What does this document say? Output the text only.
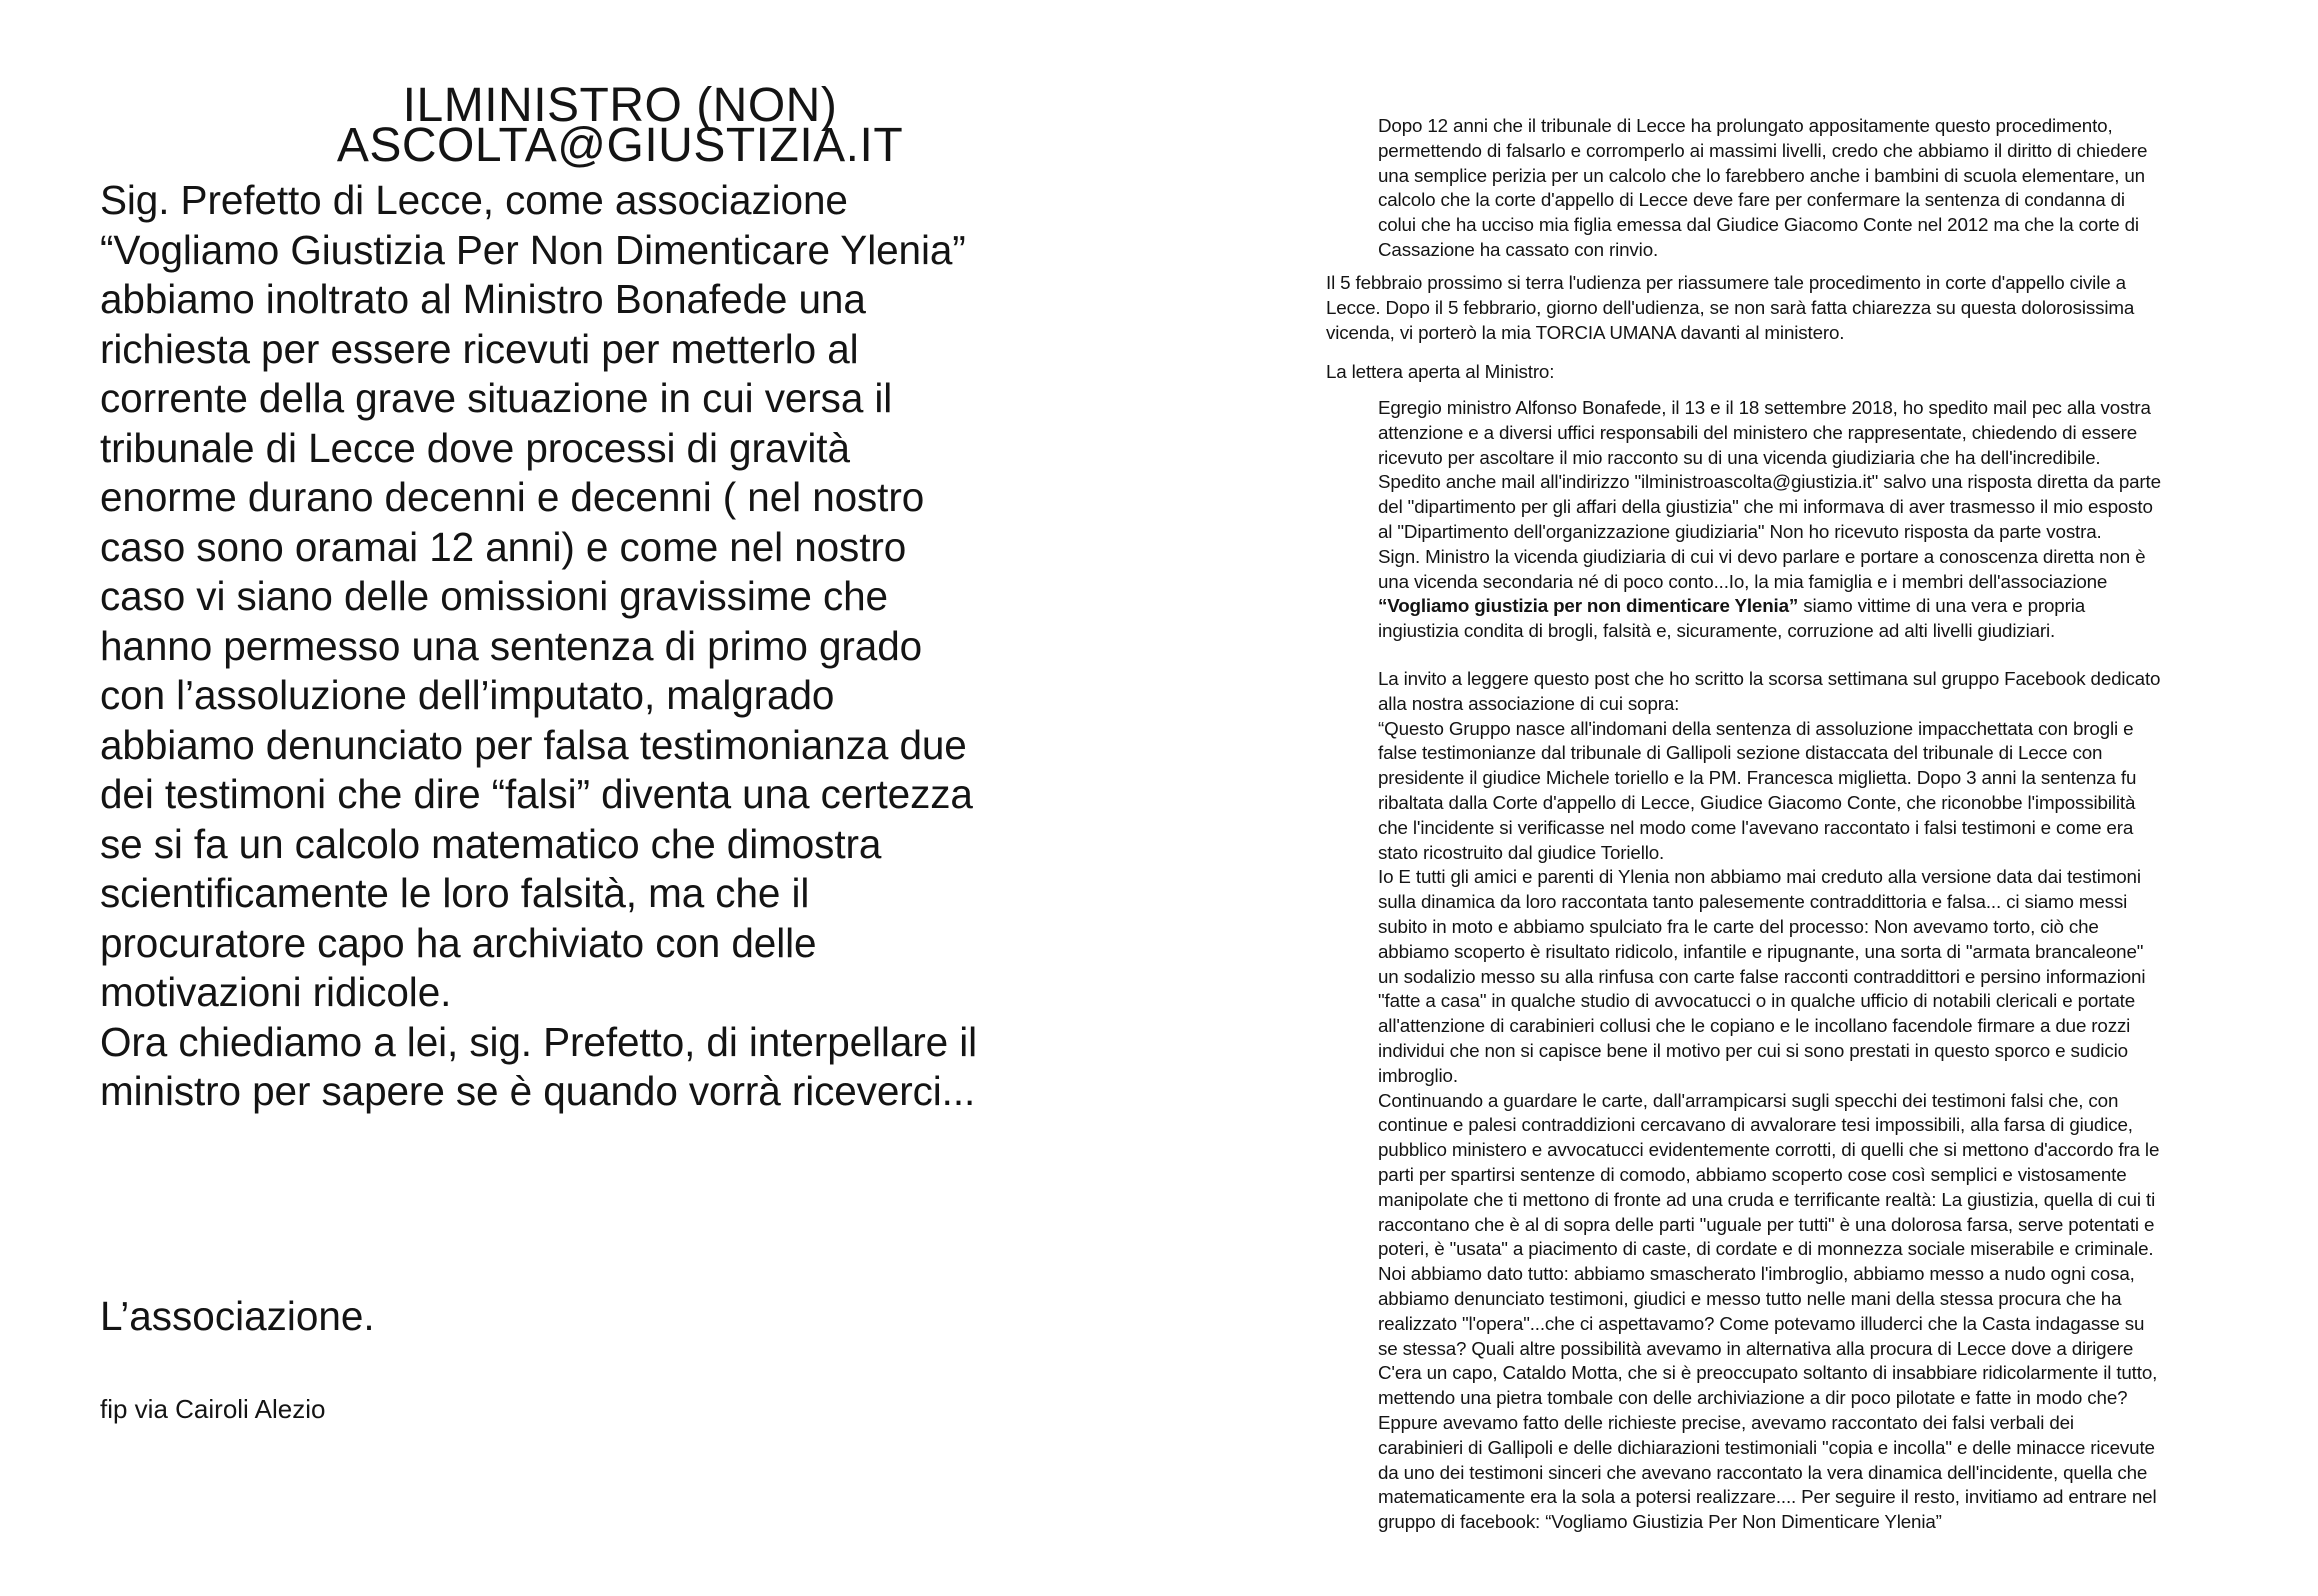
ILMINISTRO (NON)
ASCOLTA@GIUSTIZIA.IT
Sig. Prefetto di Lecce, come associazione
“Vogliamo Giustizia Per Non Dimenticare Ylenia”
abbiamo inoltrato al Ministro Bonafede una
richiesta per essere ricevuti per metterlo al
corrente della grave situazione in cui versa il
tribunale di Lecce dove processi di gravità
enorme durano decenni e decenni ( nel nostro
caso sono oramai 12 anni) e come nel nostro
caso vi siano delle omissioni gravissime che
hanno permesso una sentenza di primo grado
con l’assoluzione dell’imputato, malgrado
abbiamo denunciato per falsa testimonianza due
dei testimoni che dire “falsi” diventa una certezza
se si fa un calcolo matematico che dimostra
scientificamente le loro falsità, ma che il
procuratore capo ha archiviato con delle
motivazioni ridicole.
Ora chiediamo a lei, sig. Prefetto, di interpellare il
ministro per sapere se è quando vorrà riceverci...
L’associazione.
fip via Cairoli Alezio
Dopo 12 anni che il tribunale di Lecce ha prolungato appositamente questo procedimento,
permettendo di falsarlo e corromperlo ai massimi livelli, credo che abbiamo il diritto di chiedere
una semplice perizia per un calcolo che lo farebbero anche i bambini di scuola elementare, un
calcolo che la corte d'appello di Lecce deve fare per confermare la sentenza di condanna di
colui che ha ucciso mia figlia emessa dal Giudice Giacomo Conte nel 2012 ma che la corte di
Cassazione ha cassato con rinvio.
Il 5 febbraio prossimo si terra l'udienza per riassumere tale procedimento in corte d'appello civile a
Lecce. Dopo il 5 febbrario, giorno dell'udienza, se non sarà fatta chiarezza su questa dolorosissima
vicenda, vi porterò la mia TORCIA UMANA davanti al ministero.
La lettera aperta al Ministro:
Egregio ministro Alfonso Bonafede, il 13 e il 18 settembre 2018, ho spedito mail pec alla vostra
attenzione e a diversi uffici responsabili del ministero che rappresentate, chiedendo di essere
ricevuto per ascoltare il mio racconto su di una vicenda giudiziaria che ha dell'incredibile.
Spedito anche mail all'indirizzo "ilministroascolta@giustizia.it" salvo una risposta diretta da parte
del "dipartimento per gli affari della giustizia" che mi informava di aver trasmesso il mio esposto
al "Dipartimento dell'organizzazione giudiziaria" Non ho ricevuto risposta da parte vostra.
Sign. Ministro la vicenda giudiziaria di cui vi devo parlare e portare a conoscenza diretta non è
una vicenda secondaria né di poco conto...Io, la mia famiglia e i membri dell'associazione
“Vogliamo giustizia per non dimenticare Ylenia” siamo vittime di una vera e propria
ingiustizia condita di brogli, falsità e, sicuramente, corruzione ad alti livelli giudiziari.
La invito a leggere questo post che ho scritto la scorsa settimana sul gruppo Facebook dedicato
alla nostra associazione di cui sopra:
“Questo Gruppo nasce all'indomani della sentenza di assoluzione impacchettata con brogli e
false testimonianze dal tribunale di Gallipoli sezione distaccata del tribunale di Lecce con
presidente il giudice Michele toriello e la PM. Francesca miglietta. Dopo 3 anni la sentenza fu
ribaltata dalla Corte d'appello di Lecce, Giudice Giacomo Conte, che riconobbe l'impossibilità
che l'incidente si verificasse nel modo come l'avevano raccontato i falsi testimoni e come era
stato ricostruito dal giudice Toriello.
Io E tutti gli amici e parenti di Ylenia non abbiamo mai creduto alla versione data dai testimoni
sulla dinamica da loro raccontata tanto palesemente contraddittoria e falsa... ci siamo messi
subito in moto e abbiamo spulciato fra le carte del processo: Non avevamo torto, ciò che
abbiamo scoperto è risultato ridicolo, infantile e ripugnante, una sorta di "armata brancaleone"
un sodalizio messo su alla rinfusa con carte false racconti contraddittori e persino informazioni
"fatte a casa" in qualche studio di avvocatucci o in qualche ufficio di notabili clericali e portate
all'attenzione di carabinieri collusi che le copiano e le incollano facendole firmare a due rozzi
individui che non si capisce bene il motivo per cui si sono prestati in questo sporco e sudicio
imbroglio.
Continuando a guardare le carte, dall'arrampicarsi sugli specchi dei testimoni falsi che, con
continue e palesi contraddizioni cercavano di avvalorare tesi impossibili, alla farsa di giudice,
pubblico ministero e avvocatucci evidentemente corrotti, di quelli che si mettono d'accordo fra le
parti per spartirsi sentenze di comodo, abbiamo scoperto cose così semplici e vistosamente
manipolate che ti mettono di fronte ad una cruda e terrificante realtà: La giustizia, quella di cui ti
raccontano che è al di sopra delle parti "uguale per tutti" è una dolorosa farsa, serve potentati e
poteri, è "usata" a piacimento di caste, di cordate e di monnezza sociale miserabile e criminale.
Noi abbiamo dato tutto: abbiamo smascherato l'imbroglio, abbiamo messo a nudo ogni cosa,
abbiamo denunciato testimoni, giudici e messo tutto nelle mani della stessa procura che ha
realizzato "l'opera"...che ci aspettavamo? Come potevamo illuderci che la Casta indagasse su
se stessa? Quali altre possibilità avevamo in alternativa alla procura di Lecce dove a dirigere
C'era un capo, Cataldo Motta, che si è preoccupato soltanto di insabbiare ridicolarmente il tutto,
mettendo una pietra tombale con delle archiviazione a dir poco pilotate e fatte in modo che?
Eppure avevamo fatto delle richieste precise, avevamo raccontato dei falsi verbali dei
carabinieri di Gallipoli e delle dichiarazioni testimoniali "copia e incolla" e delle minacce ricevute
da uno dei testimoni sinceri che avevano raccontato la vera dinamica dell'incidente, quella che
matematicamente era la sola a potersi realizzare.... Per seguire il resto, invitiamo ad entrare nel
gruppo di facebook: “Vogliamo Giustizia Per Non Dimenticare Ylenia”
